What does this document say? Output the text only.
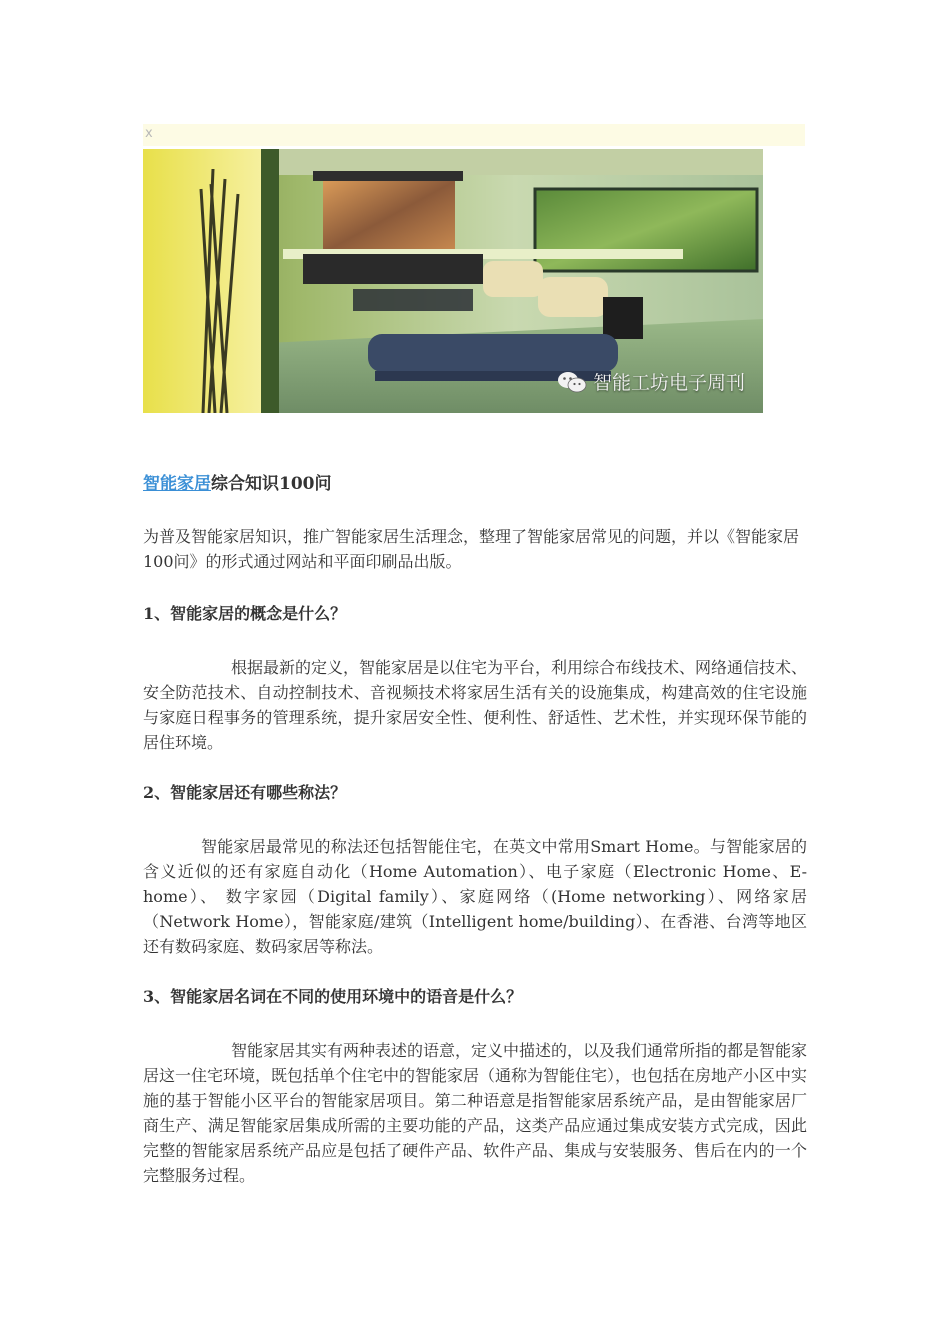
x
智能工坊电子周刊

智能家居综合知识100问

为普及智能家居知识，推广智能家居生活理念，整理了智能家居常见的问题，并以《智能家居100问》的形式通过网站和平面印刷品出版。

1、智能家居的概念是什么？

根据最新的定义，智能家居是以住宅为平台，利用综合布线技术、网络通信技术、安全防范技术、自动控制技术、音视频技术将家居生活有关的设施集成，构建高效的住宅设施与家庭日程事务的管理系统，提升家居安全性、便利性、舒适性、艺术性，并实现环保节能的居住环境。

2、智能家居还有哪些称法？

智能家居最常见的称法还包括智能住宅，在英文中常用Smart Home。与智能家居的含义近似的还有家庭自动化（Home Automation）、电子家庭（Electronic Home、E-home）、 数字家园（Digital family）、家庭网络（(Home networking）、网络家居（Network Home），智能家庭/建筑（Intelligent home/building）、在香港、台湾等地区还有数码家庭、数码家居等称法。

3、智能家居名词在不同的使用环境中的语音是什么？

智能家居其实有两种表述的语意，定义中描述的，以及我们通常所指的都是智能家居这一住宅环境，既包括单个住宅中的智能家居（通称为智能住宅），也包括在房地产小区中实施的基于智能小区平台的智能家居项目。第二种语意是指智能家居系统产品，是由智能家居厂商生产、满足智能家居集成所需的主要功能的产品，这类产品应通过集成安装方式完成，因此完整的智能家居系统产品应是包括了硬件产品、软件产品、集成与安装服务、售后在内的一个完整服务过程。
